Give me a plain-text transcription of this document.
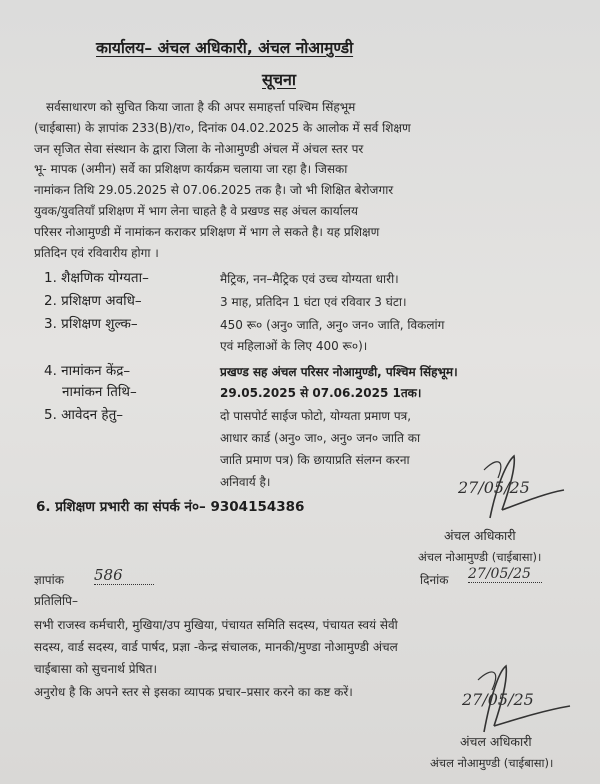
कार्यालय– अंचल अधिकारी, अंचल नोआमुण्डी
सूचना
सर्वसाधारण को सुचित किया जाता है की अपर समाहर्त्ता पश्चिम सिंहभूम
(चाईबासा) के ज्ञापांक 233(B)/रा०, दिनांक 04.02.2025 के आलोक में सर्व शिक्षण
जन सृजित सेवा संस्थान के द्वारा जिला के नोआमुण्डी अंचल में अंचल स्तर पर
भू- मापक (अमीन) सर्वे का प्रशिक्षण कार्यक्रम चलाया जा रहा है। जिसका
नामांकन तिथि 29.05.2025 से 07.06.2025 तक है। जो भी शिक्षित बेरोजगार
युवक/युवतियाँ प्रशिक्षण में भाग लेना चाहते है वे प्रखण्ड सह अंचल कार्यालय
परिसर नोआमुण्डी में नामांकन कराकर प्रशिक्षण में भाग ले सकते है। यह प्रशिक्षण
प्रतिदिन एवं रविवारीय होगा ।
1. शैक्षणिक योग्यता–	मैट्रिक, नन–मैट्रिक एवं उच्च योग्यता धारी।
2. प्रशिक्षण अवधि–	3 माह, प्रतिदिन 1 घंटा एवं रविवार 3 घंटा।
3. प्रशिक्षण शुल्क–	450 रू० (अनु० जाति, अनु० जन० जाति, विकलांग
एवं महिलाओं के लिए 400 रू०)।
4. नामांकन केंद्र–	प्रखण्ड सह अंचल परिसर नोआमुण्डी, पश्चिम सिंहभूम।
नामांकन तिथि–	29.05.2025 से 07.06.2025 1तक।
5. आवेदन हेतु–	दो पासपोर्ट साईज फोटो, योग्यता प्रमाण पत्र,
आधार कार्ड (अनु० जा०, अनु० जन० जाति का
जाति प्रमाण पत्र) कि छायाप्रति संलग्न करना
अनिवार्य है।
6. प्रशिक्षण प्रभारी का संपर्क नं०– 9304154386
27/05/25
अंचल अधिकारी
अंचल नोआमुण्डी (चाईबासा)।
ज्ञापांक 586	दिनांक 27/05/25
प्रतिलिपि–
सभी राजस्व कर्मचारी, मुखिया/उप मुखिया, पंचायत समिति सदस्य, पंचायत स्वयं सेवी
सदस्य, वार्ड सदस्य, वार्ड पार्षद, प्रज्ञा -केन्द्र संचालक, मानकी/मुण्डा नोआमुण्डी अंचल
चाईबासा को सुचनार्थ प्रेषित।
अनुरोध है कि अपने स्तर से इसका व्यापक प्रचार–प्रसार करने का कष्ट करें।	27/05/25
अंचल अधिकारी
अंचल नोआमुण्डी (चाईबासा)।
